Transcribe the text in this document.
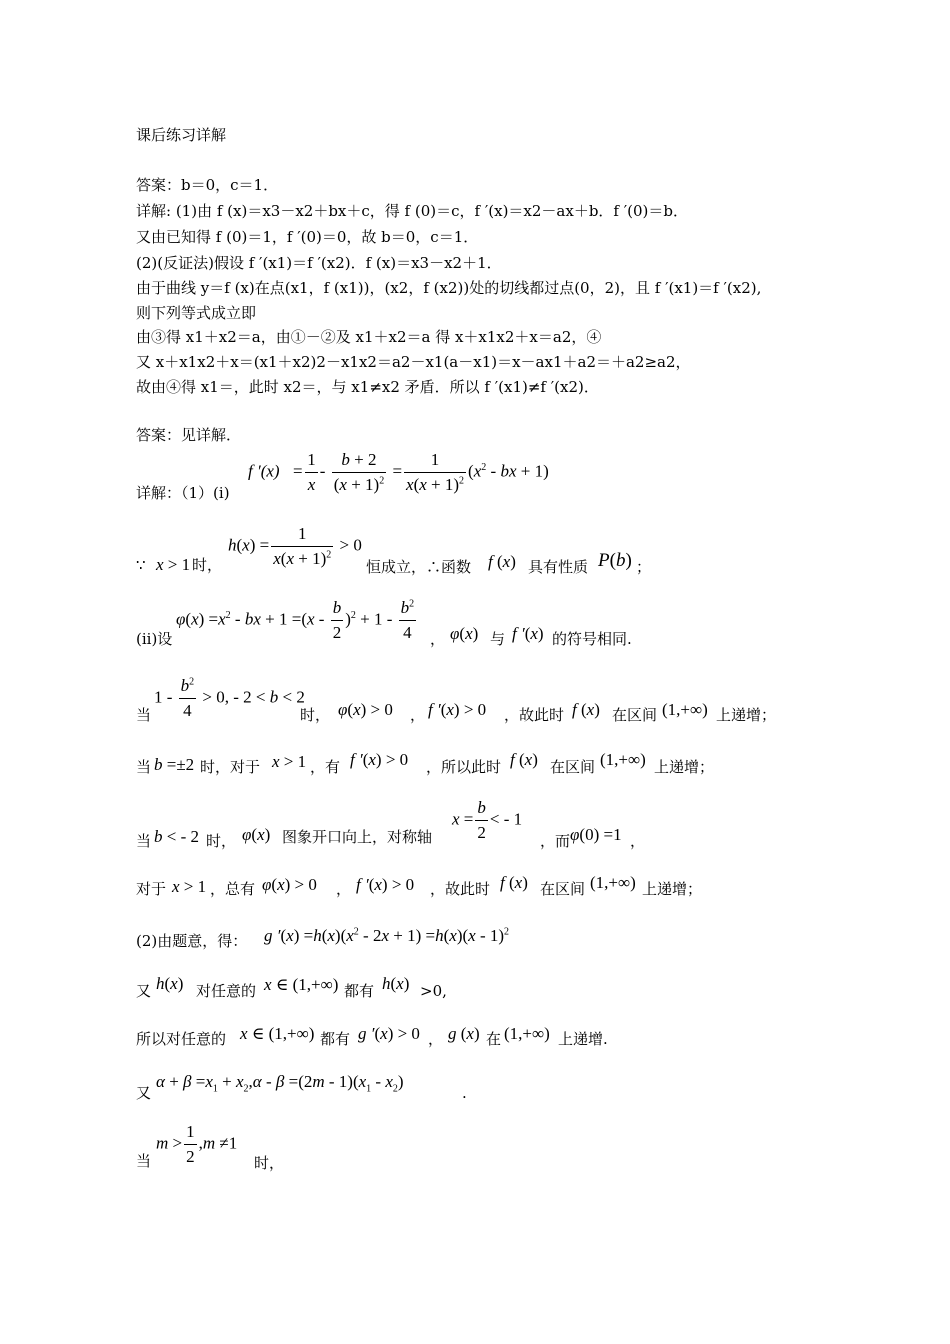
课后练习详解
答案：b＝0，c＝1．
详解: (1)由 f (x)＝x3－x2＋bx＋c，得 f (0)＝c，f ′(x)＝x2－ax＋b．f ′(0)＝b．
又由已知得 f (0)＝1，f ′(0)＝0，故 b＝0，c＝1．
(2)(反证法)假设 f ′(x1)＝f ′(x2)．f (x)＝x3－x2＋1．
由于曲线 y＝f (x)在点(x1，f (x1))，(x2，f (x2))处的切线都过点(0，2)，且 f ′(x1)＝f ′(x2),
则下列等式成立即
由③得 x1＋x2＝a，由①－②及 x1＋x2＝a 得 x＋x1x2＋x＝a2，④
又 x＋x1x2＋x＝(x1＋x2)2－x1x2＝a2－x1(a－x1)＝x－ax1＋a2＝＋a2≥a2，
故由④得 x1＝，此时 x2＝，与 x1≠x2 矛盾．所以 f ′(x1)≠f ′(x2)．
答案：见详解．
详解：（1）(i)
f $'(x) = \frac{1}{x} - \frac{b + 2}{(x + 1)^2} = \frac{1}{x(x + 1)^2} (x^2$ - bx + 1)
∵ x > 1 时，
$h(x) = \frac{1}{x(x + 1)^2} > 0$
恒成立，∴函数 f (x) 具有性质 P(b) ；
(ii)设
$\varphi(x) =x^2$ - bx + $1 =(x - \frac{b}{2} )^2 + 1 - \frac{b^2}{4}$ ， φ(x) 与 f ′(x) 的符号相同.
当
$1 - \frac{b^2}{4} > 0$, - 2 < b < 2
时， φ(x) > 0 ， f ′(x) > 0 ，故此时 f (x) 在区间 (1,+∞) 上递增；
当 b =±2 时，对于 x > 1 ，有 f ′(x) > 0 ，所以此时 f (x) 在区间 (1,+∞) 上递增；
当 b < - 2 时， φ(x) 图象开口向上，对称轴
$x = \frac{b}{2}$ < - 1
，而 φ(0) =1 ，
对于 x > 1 ，总有 φ(x) > 0 ， f ′(x) > 0 ，故此时 f (x) 在区间 (1,+∞) 上递增；
(2)由题意，得： g $'(x) =h(x)(x^2 - 2x + 1) =h(x)(x - 1)^2$
又 h(x) 对任意的 x ∈ (1,+∞) 都有 h(x) >0,
所以对任意的 x ∈ (1,+∞) 都有 g ′(x) > 0 ， g (x) 在 (1,+∞) 上递增.
又
$\alpha + \beta =x_1 + x_2,\alpha - \beta =(2m - 1)(x_1 - x_2)$
.
当
$m > \frac{1}{2} ,m \ne 1$
时，
